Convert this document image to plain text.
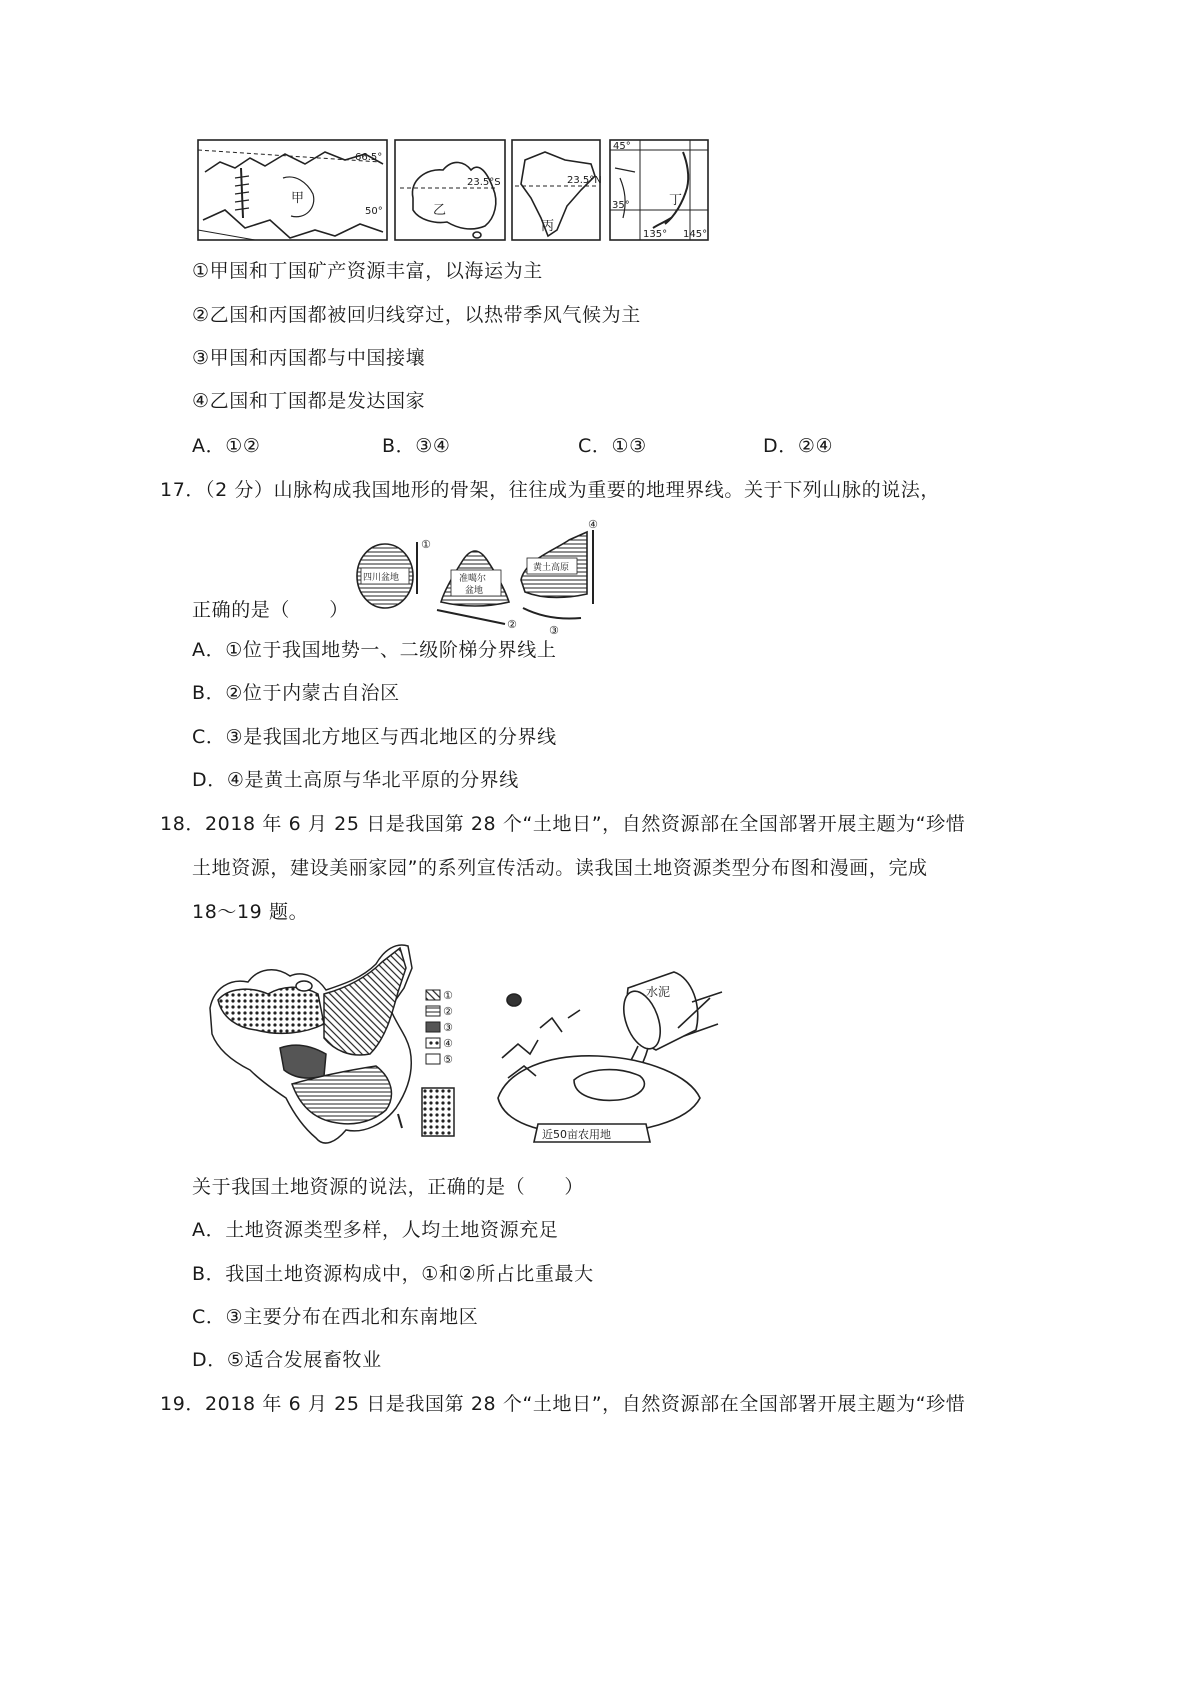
66.5°
50°
甲
23.5°S
乙
23.5°N
丙
45°
35°
135° 145°
丁
①甲国和丁国矿产资源丰富，以海运为主
②乙国和丙国都被回归线穿过，以热带季风气候为主
③甲国和丙国都与中国接壤
④乙国和丁国都是发达国家
A．①②	B．③④	C．①③	D．②④
17．（2 分）山脉构成我国地形的骨架，往往成为重要的地理界线。关于下列山脉的说法，
四川盆地	准噶尔
盆地
黄土高原
①
②	③
④
正确的是（　　）
A．①位于我国地势一、二级阶梯分界线上
B．②位于内蒙古自治区
C．③是我国北方地区与西北地区的分界线
D．④是黄土高原与华北平原的分界线
18．2018 年 6 月 25 日是我国第 28 个“土地日”，自然资源部在全国部署开展主题为“珍惜
土地资源，建设美丽家园”的系列宣传活动。读我国土地资源类型分布图和漫画，完成
18～19 题。
①
②
③
④
⑤
水泥
近50亩农用地
关于我国土地资源的说法，正确的是（　　）
A．土地资源类型多样，人均土地资源充足
B．我国土地资源构成中，①和②所占比重最大
C．③主要分布在西北和东南地区
D．⑤适合发展畜牧业
19．2018 年 6 月 25 日是我国第 28 个“土地日”，自然资源部在全国部署开展主题为“珍惜
